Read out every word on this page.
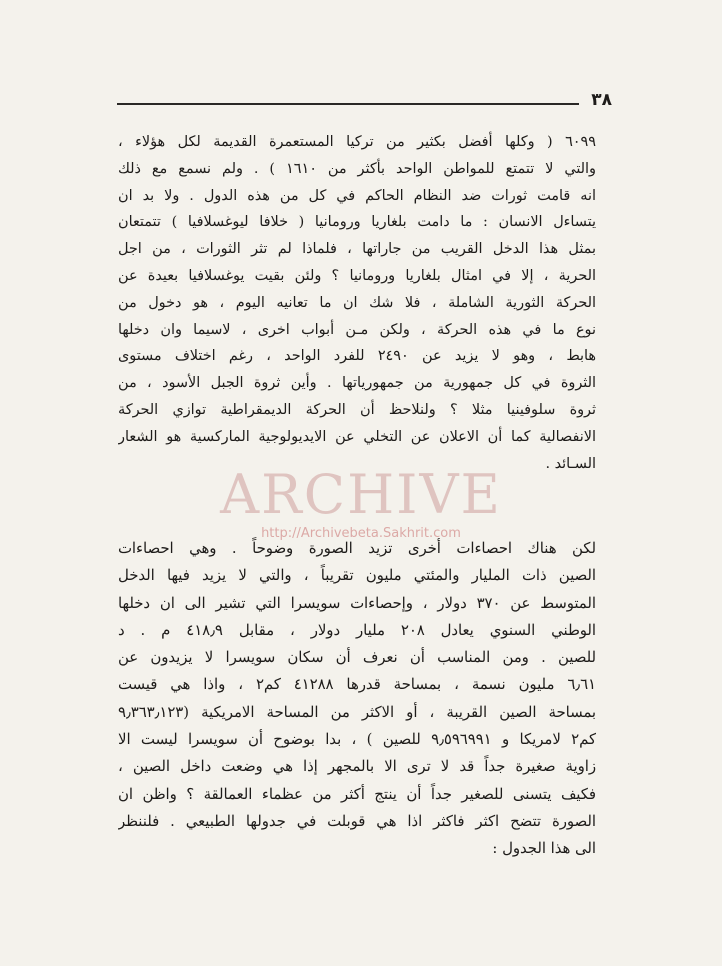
٣٨
٦٠٩٩ ( وكلها أفضل بكثير من تركيا المستعمرة القديمة لكل هؤلاء ،
والتي لا تتمتع للمواطن الواحد بأكثر من ١٦١٠ ) . ولم نسمع مع ذلك
انه قامت ثورات ضد النظام الحاكم في كل من هذه الدول . ولا بد ان
يتساءل الانسان : ما دامت بلغاريا ورومانيا ( خلافا ليوغسلافيا ) تتمتعان
بمثل هذا الدخل القريب من جاراتها ، فلماذا لم تثر الثورات ، من اجل
الحرية ، إلا في امثال بلغاريا ورومانيا ؟ ولئن بقيت يوغسلافيا بعيدة عن
الحركة الثورية الشاملة ، فلا شك ان ما تعانيه اليوم ، هو دخول من
نوع ما في هذه الحركة ، ولكن مـن أبواب اخرى ، لاسيما وان دخلها
هابط ، وهو لا يزيد عن ٢٤٩٠ للفرد الواحد ، رغم اختلاف مستوى
الثروة في كل جمهورية من جمهورياتها . وأين ثروة الجبل الأسود ، من
ثروة سلوفينيا مثلا ؟ ولنلاحظ أن الحركة الديمقراطية توازي الحركة
الانفصالية كما أن الاعلان عن التخلي عن الايديولوجية الماركسية هو الشعار
السـائد .
لكن هناك احصاءات أخرى تزيد الصورة وضوحاً . وهي احصاءات
الصين ذات المليار والمئتي مليون تقريباً ، والتي لا يزيد فيها الدخل
المتوسط عن ٣٧٠ دولار ، وإحصاءات سويسرا التي تشير الى ان دخلها
الوطني السنوي يعادل ٢٠٨ مليار دولار ، مقابل ٤١٨٫٩ م . د
للصين . ومن المناسب أن نعرف أن سكان سويسرا لا يزيدون عن
٦٫٦١ مليون نسمة ، بمساحة قدرها ٤١٢٨٨ كم٢ ، واذا هي قيست
بمساحة الصين القريبة ، أو الاكثر من المساحة الامريكية (٩٫٣٦٣٫١٢٣
كم٢ لامريكا و ٩٫٥٩٦٩٩١ للصين ) ، بدا بوضوح أن سويسرا ليست الا
زاوية صغيرة جداً قد لا ترى الا بالمجهر إذا هي وضعت داخل الصين ،
فكيف يتسنى للصغير جداً أن ينتج أكثر من عظماء العمالقة ؟ واظن ان
الصورة تتضح اكثر فاكثر اذا هي قوبلت في جدولها الطبيعي . فلننظر
الى هذا الجدول :
ARCHIVE
http://Archivebeta.Sakhrit.com
